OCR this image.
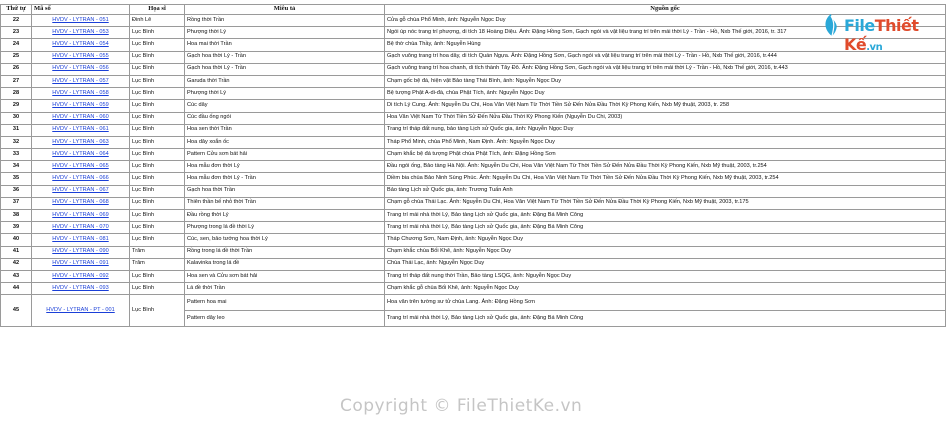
Thứ tự	Mã số	Họa sĩ	Miêu tả	Nguồn gốc
22	HVDV - LYTRAN - 051	Đinh Lê	Rồng thời Trần	Cửa gỗ chùa Phổ Minh, ảnh: Nguyễn Ngọc Duy
23	HVDV - LYTRAN - 053	Lục Bình	Phượng thời Lý	Ngói úp nóc trang trí phượng, di tích 18 Hoàng Diệu. Ảnh: Đặng Hồng Sơn, Gạch ngói và vật liệu trang trí trên mái thời Lý - Trần - Hồ, Nxb Thế giới, 2016, tr. 317
24	HVDV - LYTRAN - 054	Lục Bình	Hoa mai thời Trần	Bệ thờ chùa Thầy, ảnh: Nguyễn Hùng
25	HVDV - LYTRAN - 055	Lục Bình	Gạch hoa thời Lý - Trần	Gạch vuông trang trí hoa dây, di tích Quán Ngựa. Ảnh: Đặng Hồng Sơn, Gạch ngói và vật liệu trang trí trên mái thời Lý - Trần - Hồ, Nxb Thế giới, 2016, tr.444
26	HVDV - LYTRAN - 056	Lục Bình	Gạch hoa thời Lý - Trần	Gạch vuông trang trí hoa chanh, di tích thành Tây Đô. Ảnh: Đặng Hồng Sơn, Gạch ngói và vật liệu trang trí trên mái thời Lý - Trần - Hồ, Nxb Thế giới, 2016, tr.443
27	HVDV - LYTRAN - 057	Lục Bình	Garuda thời Trần	Chạm gốc bệ đá, hiện vật Bảo tàng Thái Bình, ảnh: Nguyễn Ngọc Duy
28	HVDV - LYTRAN - 058	Lục Bình	Phượng thời Lý	Bệ tượng Phật A-di-đà, chùa Phật Tích, ảnh: Nguyễn Ngọc Duy
29	HVDV - LYTRAN - 059	Lục Bình	Cúc dây	Di tích Lý Cung. Ảnh: Nguyễn Du Chi, Hoa Văn Việt Nam Từ Thời Tiền Sử Đến Nửa Đầu Thời Kỳ Phong Kiến, Nxb Mỹ thuật, 2003, tr. 258
30	HVDV - LYTRAN - 060	Lục Bình	Cúc đầu ống ngói	Hoa Văn Việt Nam Từ Thời Tiền Sử Đến Nửa Đầu Thời Kỳ Phong Kiến (Nguyễn Du Chi, 2003)
31	HVDV - LYTRAN - 061	Lục Bình	Hoa sen thời Trần	Trang trí tháp đất nung, bảo tàng Lịch sử Quốc gia, ảnh: Nguyễn Ngọc Duy
32	HVDV - LYTRAN - 063	Lục Bình	Hoa dây xoắn ốc	Tháp Phổ Minh, chùa Phổ Minh, Nam Định. Ảnh: Nguyễn Ngọc Duy
33	HVDV - LYTRAN - 064	Lục Bình	Pattern Cửu sơn bát hải	Chạm khắc bệ đá tượng Phật chùa Phật Tích, ảnh: Đặng Hồng Sơn
34	HVDV - LYTRAN - 065	Lục Bình	Hoa mẫu đơn thời Lý	Đầu ngói ống, Bảo tàng Hà Nội. Ảnh: Nguyễn Du Chi, Hoa Văn Việt Nam Từ Thời Tiền Sử Đến Nửa Đầu Thời Kỳ Phong Kiến, Nxb Mỹ thuật, 2003, tr.254
35	HVDV - LYTRAN - 066	Lục Bình	Hoa mẫu đơn thời Lý - Trần	Diềm bia chùa Bảo Ninh Sùng Phúc. Ảnh: Nguyễn Du Chi, Hoa Văn Việt Nam Từ Thời Tiền Sử Đến Nửa Đầu Thời Kỳ Phong Kiến, Nxb Mỹ thuật, 2003, tr.254
36	HVDV - LYTRAN - 067	Lục Bình	Gạch hoa thời Trần	Bảo tàng Lịch sử Quốc gia, ảnh: Trương Tuấn Anh
37	HVDV - LYTRAN - 068	Lục Bình	Thiên thần bế nhỏ thời Trần	Chạm gỗ chùa Thái Lạc. Ảnh: Nguyễn Du Chi, Hoa Văn Việt Nam Từ Thời Tiền Sử Đến Nửa Đầu Thời Kỳ Phong Kiến, Nxb Mỹ thuật, 2003, tr.175
38	HVDV - LYTRAN - 069	Lục Bình	Đầu rồng thời Lý	Trang trí mái nhà thời Lý, Bảo tàng Lịch sử Quốc gia, ảnh: Đặng Bá Minh Công
39	HVDV - LYTRAN - 070	Lục Bình	Phượng trong lá đề thời Lý	Trang trí mái nhà thời Lý, Bảo tàng Lịch sử Quốc gia, ảnh: Đặng Bá Minh Công
40	HVDV - LYTRAN - 081	Lục Bình	Cúc, sen, bảo tướng hoa thời Lý	Tháp Chương Sơn, Nam Định, ảnh: Nguyễn Ngọc Duy
41	HVDV - LYTRAN - 090	Trâm	Rồng trong lá đề thời Trần	Chạm khắc chùa Bối Khê, ảnh: Nguyễn Ngọc Duy
42	HVDV - LYTRAN - 091	Trâm	Kalavinka trong lá đề	Chùa Thái Lạc, ảnh: Nguyễn Ngọc Duy
43	HVDV - LYTRAN - 092	Lục Bình	Hoa sen và Cửu sơn bát hải	Trang trí tháp đất nung thời Trần, Bảo tàng LSQG, ảnh: Nguyễn Ngọc Duy
44	HVDV - LYTRAN - 093	Lục Bình	Lá đề thời Trần	Chạm khắc gỗ chùa Bối Khê, ảnh: Nguyễn Ngọc Duy
45	HVDV - LYTRAN - PT - 001	Lục Bình	Pattern hoa mai	Hoa văn trên tường sư tử chùa Lang. Ảnh: Đặng Hồng Sơn
			Pattern dây leo	Trang trí mái nhà thời Lý, Bảo tàng Lịch sử Quốc gia, ảnh: Đặng Bá Minh Công
FileThiết Kế.vn
Copyright © FileThietKe.vn
